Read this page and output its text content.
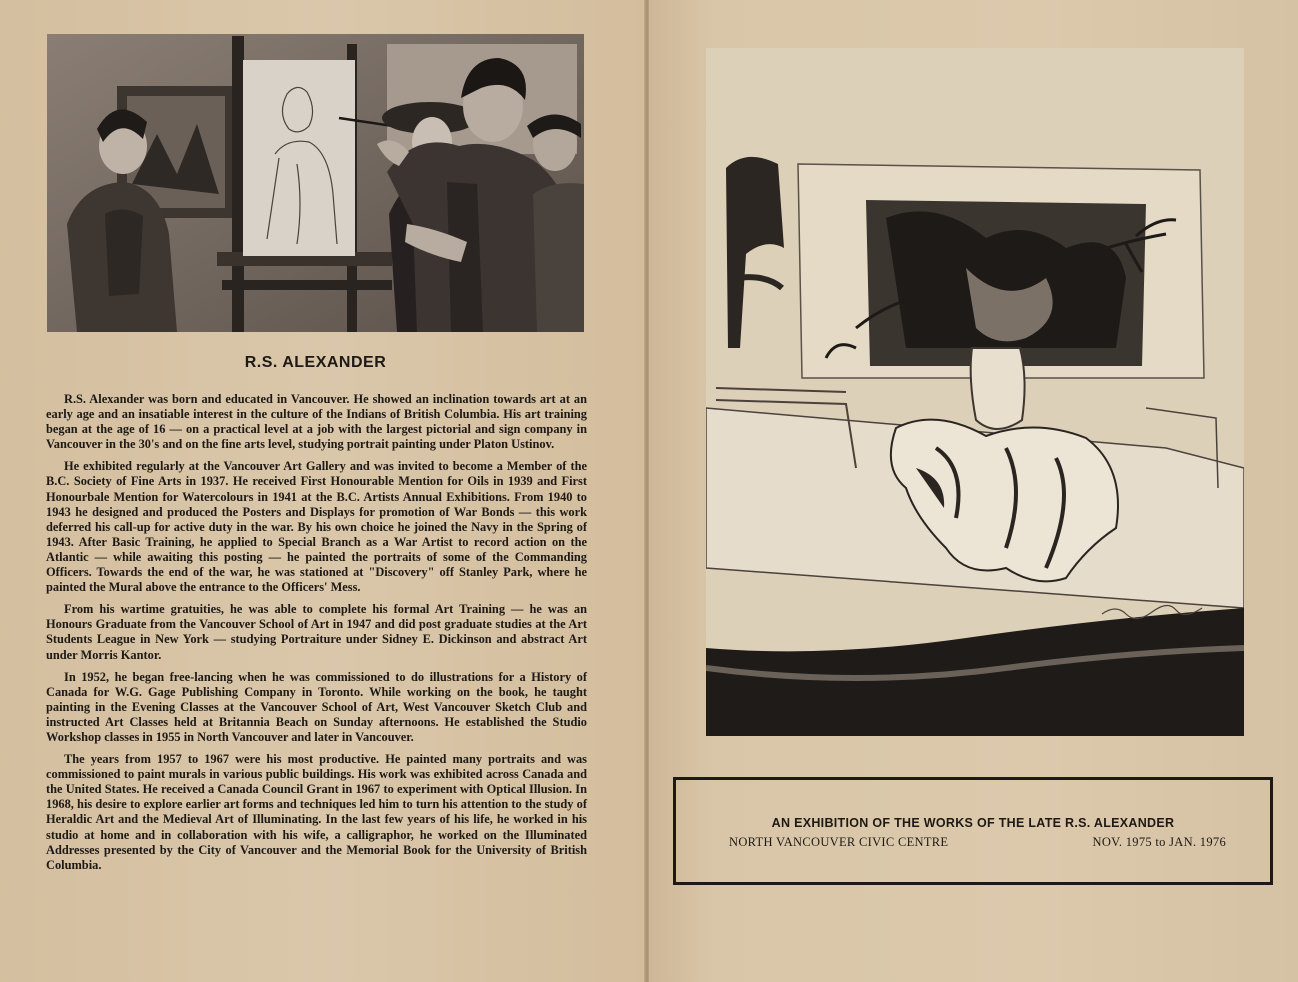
R.S. ALEXANDER

R.S. Alexander was born and educated in Vancouver. He showed an inclination towards art at an early age and an insatiable interest in the culture of the Indians of British Columbia. His art training began at the age of 16 — on a practical level at a job with the largest pictorial and sign company in Vancouver in the 30's and on the fine arts level, studying portrait painting under Platon Ustinov.

He exhibited regularly at the Vancouver Art Gallery and was invited to become a Member of the B.C. Society of Fine Arts in 1937. He received First Honourable Mention for Oils in 1939 and First Honourbale Mention for Watercolours in 1941 at the B.C. Artists Annual Exhibitions. From 1940 to 1943 he designed and produced the Posters and Displays for promotion of War Bonds — this work deferred his call-up for active duty in the war. By his own choice he joined the Navy in the Spring of 1943. After Basic Training, he applied to Special Branch as a War Artist to record action on the Atlantic — while awaiting this posting — he painted the portraits of some of the Commanding Officers. Towards the end of the war, he was stationed at "Discovery" off Stanley Park, where he painted the Mural above the entrance to the Officers' Mess.

From his wartime gratuities, he was able to complete his formal Art Training — he was an Honours Graduate from the Vancouver School of Art in 1947 and did post graduate studies at the Art Students League in New York — studying Portraiture under Sidney E. Dickinson and abstract Art under Morris Kantor.

In 1952, he began free-lancing when he was commissioned to do illustrations for a History of Canada for W.G. Gage Publishing Company in Toronto. While working on the book, he taught painting in the Evening Classes at the Vancouver School of Art, West Vancouver Sketch Club and instructed Art Classes held at Britannia Beach on Sunday afternoons. He established the Studio Workshop classes in 1955 in North Vancouver and later in Vancouver.

The years from 1957 to 1967 were his most productive. He painted many portraits and was commissioned to paint murals in various public buildings. His work was exhibited across Canada and the United States. He received a Canada Council Grant in 1967 to experiment with Optical Illusion. In 1968, his desire to explore earlier art forms and techniques led him to turn his attention to the study of Heraldic Art and the Medieval Art of Illuminating. In the last few years of his life, he worked in his studio at home and in collaboration with his wife, a calligraphor, he worked on the Illuminated Addresses presented by the City of Vancouver and the Memorial Book for the University of British Columbia.

AN EXHIBITION OF THE WORKS OF THE LATE R.S. ALEXANDER
NORTH VANCOUVER CIVIC CENTRE	NOV. 1975 to JAN. 1976
